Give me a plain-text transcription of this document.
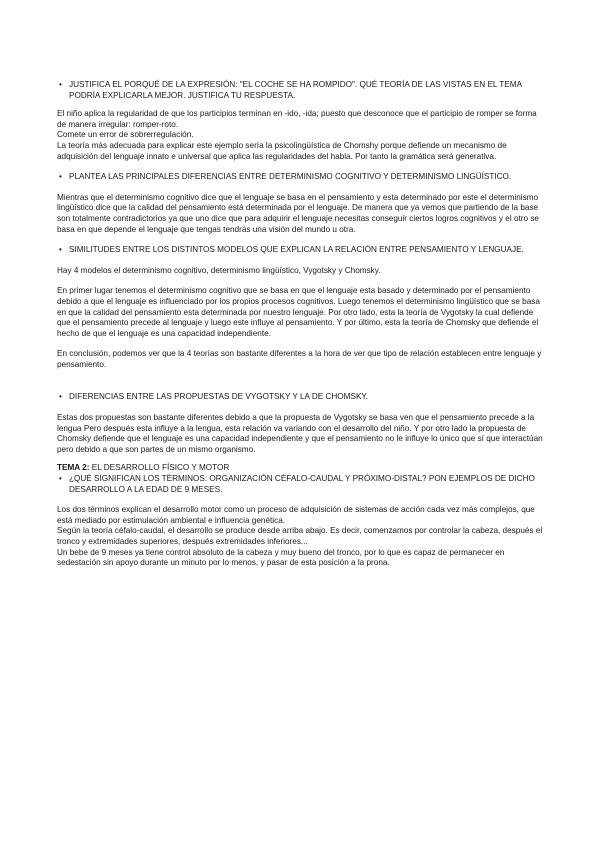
• JUSTIFICA EL PORQUÉ DE LA EXPRESIÓN: "EL COCHE SE HA ROMPIDO". QUÉ TEORÍA DE LAS VISTAS EN EL TEMA PODRÍA EXPLICARLA MEJOR. JUSTIFICA TU RESPUESTA.

El niño aplica la regularidad de que los participios terminan en -ido, -ida; puesto que desconoce que el participio de romper se forma de manera irregular: romper-roto.

Comete un error de sobrerregulación.

La teoría más adecuada para explicar este ejemplo sería la psicolingüística de Chomshy porque defiende un mecanismo de adquisición del lenguaje innato e universal que aplica las regularidades del habla. Por tanto la gramática será generativa.

• PLANTEA LAS PRINCIPALES DIFERENCIAS ENTRE DETERMINISMO COGNITIVO Y DETERMINISMO LINGÜÍSTICO.

Mientras que el determinismo cognitivo dice que el lenguaje se basa en el pensamiento y esta determinado por este el determinismo lingüístico dice que la calidad del pensamiento está determinada por el lenguaje. De manera que ya vemos que partiendo de la base son totalmente contradictorios ya que uno dice que para adquirir el lenguaje necesitas conseguir ciertos logros cognitivos y el otro se basa en que depende el lenguaje que tengas tendrás una visión del mundo u otra.

• SIMILITUDES ENTRE LOS DISTINTOS MODELOS QUE EXPLICAN LA RELACIÓN ENTRE PENSAMIENTO Y LENGUAJE.

Hay 4 modelos el determinismo cognitivo, determinismo lingüístico, Vygotsky y Chomsky.

En primer lugar tenemos el determinismo cognitivo que se basa en que el lenguaje esta basado y determinado por el pensamiento debido a que el lenguaje es influenciado por los propios procesos cognitivos. Luego tenemos el determinismo lingüístico que se basa en que la calidad del pensamiento esta determinada por nuestro lenguaje. Por otro lado, esta la teoría de Vygotsky la cual defiende que el pensamiento precede al lenguaje y luego este influye al pensamiento. Y por último, esta la teoría de Chomsky que defiende el hecho de que el lenguaje es una capacidad independiente.

En conclusión, podemos ver que la 4 teorías son bastante diferentes a la hora de ver que tipo de relación establecen entre lenguaje y pensamiento.

• DIFERENCIAS ENTRE LAS PROPUESTAS DE VYGOTSKY Y LA DE CHOMSKY.

Estas dos propuestas son bastante diferentes debido a que la propuesta de Vygotsky se basa ven que el pensamiento precede a la lengua Pero después esta influye a la lengua, esta relación va variando con el desarrollo del niño. Y por otro lado la propuesta de Chomsky defiende que el lenguaje es una capacidad independiente y que el pensamiento no le influye lo único que sí que interactúan pero debido a que son partes de un mismo organismo.

TEMA 2: EL DESARROLLO FÍSICO Y MOTOR

• ¿QUÉ SIGNIFICAN LOS TÉRMINOS: ORGANIZACIÓN CÉFALO-CAUDAL Y PRÓXIMO-DISTAL? PON EJEMPLOS DE DICHO DESARROLLO A LA EDAD DE 9 MESES.

Los dos términos explican el desarrollo motor como un proceso de adquisición de sistemas de acción cada vez más complejos, que está mediado por estimulación ambiental e influencia genética.

Según la teoría céfalo-caudal, el desarrollo se produce desde arriba abajo. Es decir, comenzamos por controlar la cabeza, después el tronco y extremidades superiores, después extremidades inferiores...

Un bebe de 9 meses ya tiene control absoluto de la cabeza y muy bueno del tronco, por lo que es capaz de permanecer en sedestación sin apoyo durante un minuto por lo menos, y pasar de esta posición a la prona.
